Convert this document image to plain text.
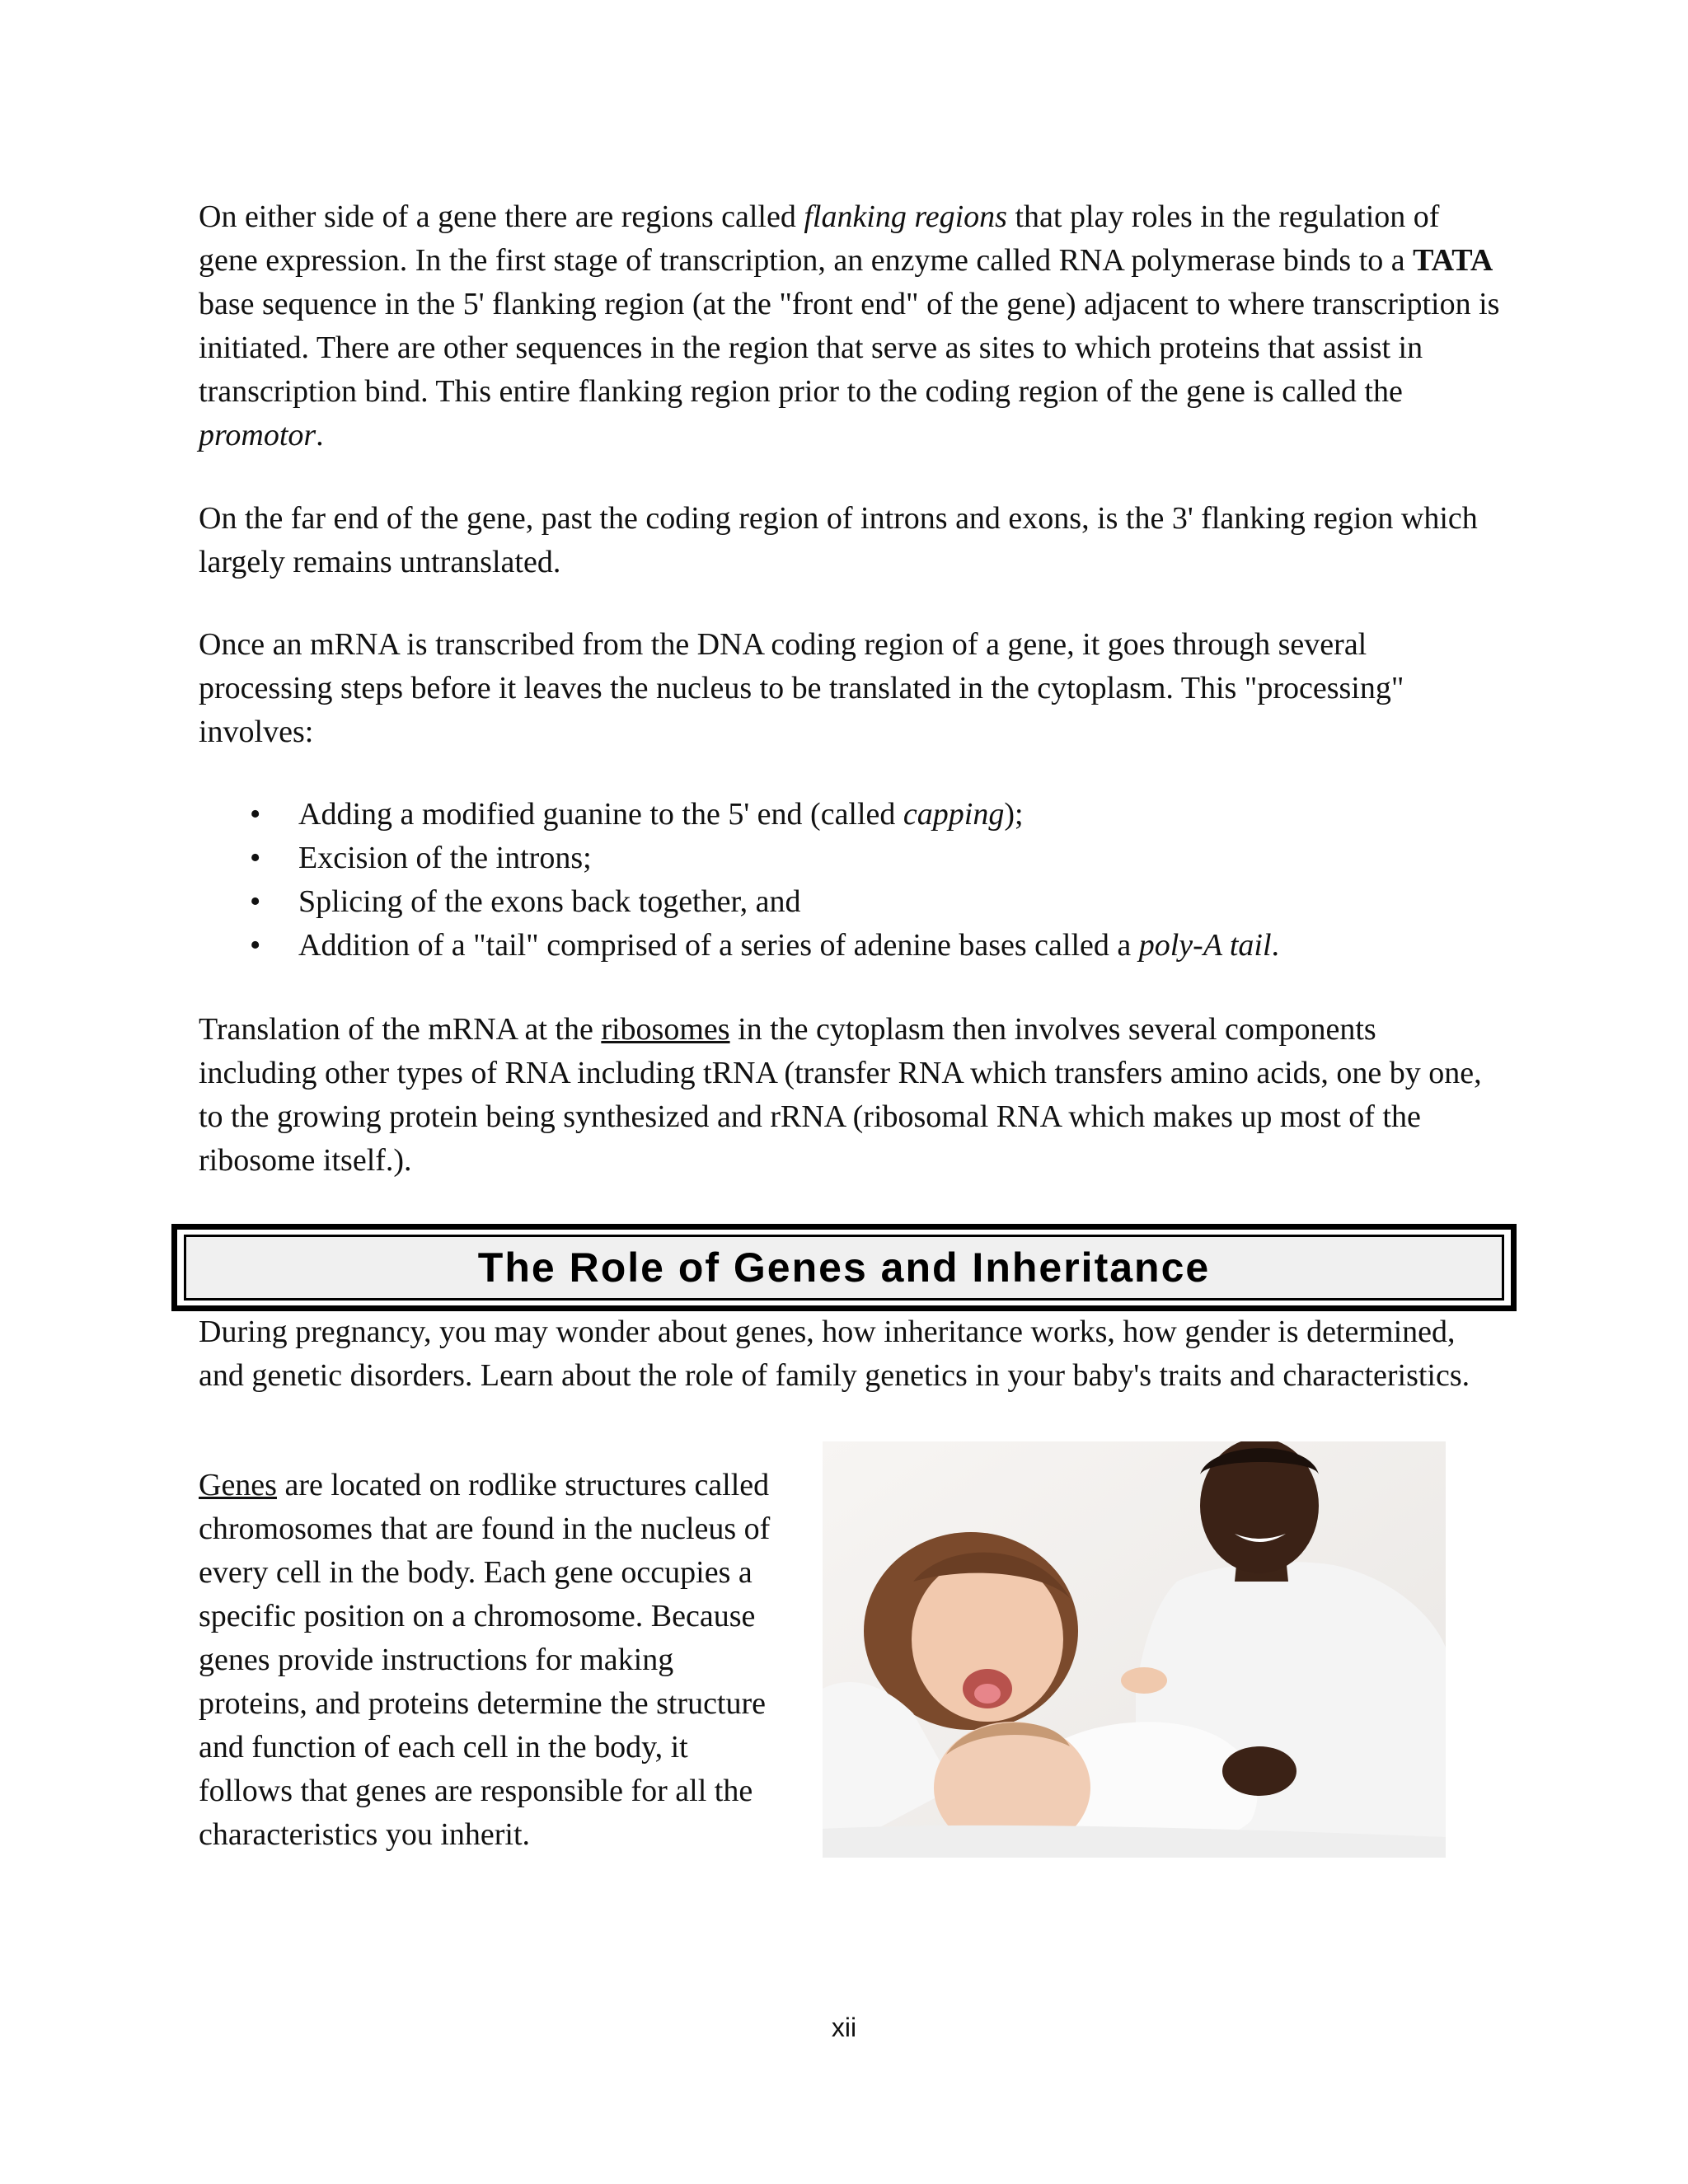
On either side of a gene there are regions called flanking regions that play roles in the regulation of gene expression. In the first stage of transcription, an enzyme called RNA polymerase binds to a TATA base sequence in the 5' flanking region (at the "front end" of the gene) adjacent to where transcription is initiated. There are other sequences in the region that serve as sites to which proteins that assist in transcription bind. This entire flanking region prior to the coding region of the gene is called the promotor.

On the far end of the gene, past the coding region of introns and exons, is the 3' flanking region which largely remains untranslated.

Once an mRNA is transcribed from the DNA coding region of a gene, it goes through several processing steps before it leaves the nucleus to be translated in the cytoplasm. This "processing" involves:

• Adding a modified guanine to the 5' end (called capping);
• Excision of the introns;
• Splicing of the exons back together, and
• Addition of a "tail" comprised of a series of adenine bases called a poly-A tail.

Translation of the mRNA at the ribosomes in the cytoplasm then involves several components including other types of RNA including tRNA (transfer RNA which transfers amino acids, one by one, to the growing protein being synthesized and rRNA (ribosomal RNA which makes up most of the ribosome itself.).

The Role of Genes and Inheritance

During pregnancy, you may wonder about genes, how inheritance works, how gender is determined, and genetic disorders. Learn about the role of family genetics in your baby's traits and characteristics.

Genes are located on rodlike structures called chromosomes that are found in the nucleus of every cell in the body. Each gene occupies a specific position on a chromosome. Because genes provide instructions for making proteins, and proteins determine the structure and function of each cell in the body, it follows that genes are responsible for all the characteristics you inherit.

xii
